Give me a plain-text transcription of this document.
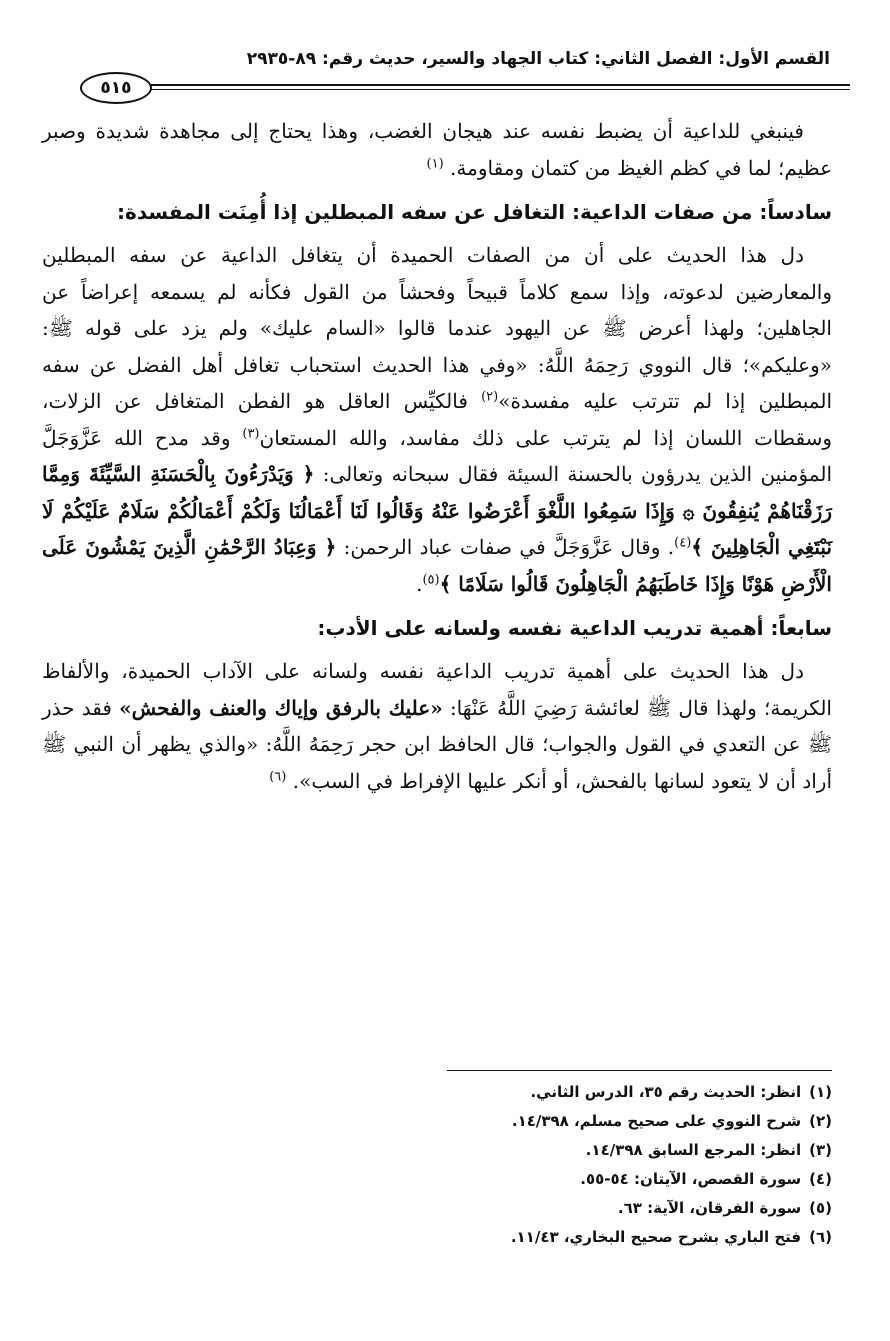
القسم الأول: الفصل الثاني: كتاب الجهاد والسير، حديث رقم: ٨٩-٢٩٣٥
٥١٥

فينبغي للداعية أن يضبط نفسه عند هيجان الغضب، وهذا يحتاج إلى مجاهدة شديدة وصبر عظيم؛ لما في كظم الغيظ من كتمان ومقاومة. $^{(١)}$

سادساً: من صفات الداعية: التغافل عن سفه المبطلين إذا أُمِنَت المفسدة:

دل هذا الحديث على أن من الصفات الحميدة أن يتغافل الداعية عن سفه المبطلين والمعارضين لدعوته، وإذا سمع كلاماً قبيحاً وفحشاً من القول فكأنه لم يسمعه إعراضاً عن الجاهلين؛ ولهذا أعرض ﷺ عن اليهود عندما قالوا «السام عليك» ولم يزد على قوله ﷺ: «وعليكم»؛ قال النووي رَحِمَهُ اللَّهُ: «وفي هذا الحديث استحباب تغافل أهل الفضل عن سفه المبطلين إذا لم تترتب عليه مفسدة»$^{(٢)}$ فالكيِّس العاقل هو الفطن المتغافل عن الزلات، وسقطات اللسان إذا لم يترتب على ذلك مفاسد، والله المستعان$^{(٣)}$ وقد مدح الله عَزَّوَجَلَّ المؤمنين الذين يدرؤون بالحسنة السيئة فقال سبحانه وتعالى: ﴿ وَيَدْرَءُونَ بِالْحَسَنَةِ السَّيِّئَةَ وَمِمَّا رَزَقْنَاهُمْ يُنفِقُونَ ۞ وَإِذَا سَمِعُوا اللَّغْوَ أَعْرَضُوا عَنْهُ وَقَالُوا لَنَا أَعْمَالُنَا وَلَكُمْ أَعْمَالُكُمْ سَلَامٌ عَلَيْكُمْ لَا نَبْتَغِي الْجَاهِلِينَ ﴾$^{(٤)}$. وقال عَزَّوَجَلَّ في صفات عباد الرحمن: ﴿ وَعِبَادُ الرَّحْمَٰنِ الَّذِينَ يَمْشُونَ عَلَى الْأَرْضِ هَوْنًا وَإِذَا خَاطَبَهُمُ الْجَاهِلُونَ قَالُوا سَلَامًا ﴾$^{(٥)}$.

سابعاً: أهمية تدريب الداعية نفسه ولسانه على الأدب:

دل هذا الحديث على أهمية تدريب الداعية نفسه ولسانه على الآداب الحميدة، والألفاظ الكريمة؛ ولهذا قال ﷺ لعائشة رَضِيَ اللَّهُ عَنْهَا: «عليك بالرفق وإياك والعنف والفحش» فقد حذر ﷺ عن التعدي في القول والجواب؛ قال الحافظ ابن حجر رَحِمَهُ اللَّهُ: «والذي يظهر أن النبي ﷺ أراد أن لا يتعود لسانها بالفحش، أو أنكر عليها الإفراط في السب». $^{(٦)}$

(١)انظر: الحديث رقم ٣٥، الدرس الثاني.

(٢)شرح النووي على صحيح مسلم، ١٤/٣٩٨.

(٣)انظر: المرجع السابق ١٤/٣٩٨.

(٤)سورة القصص، الآيتان: ٥٤-٥٥.

(٥)سورة الفرقان، الآية: ٦٣.

(٦)فتح الباري بشرح صحيح البخاري، ١١/٤٣.
